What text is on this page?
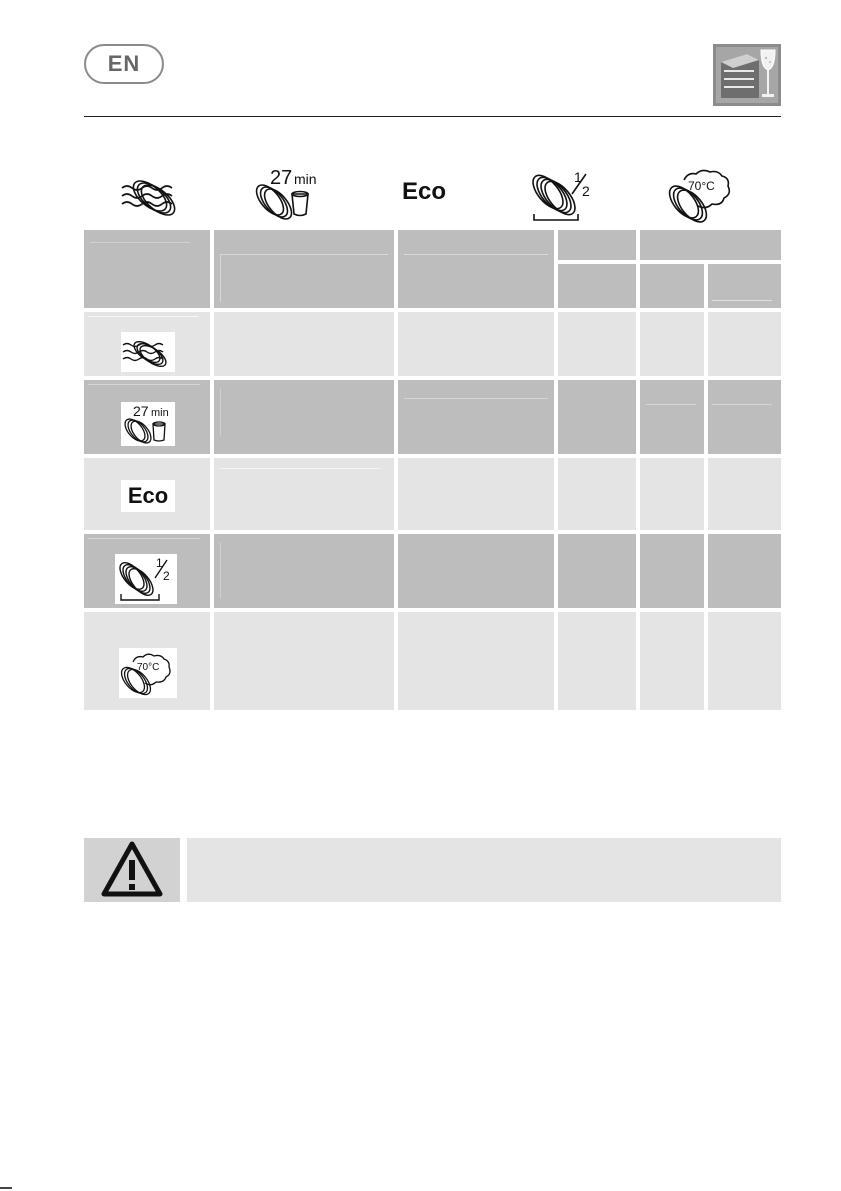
EN
27 min	Eco
1
2	70°C
27 min
Eco
1
2
70°C
